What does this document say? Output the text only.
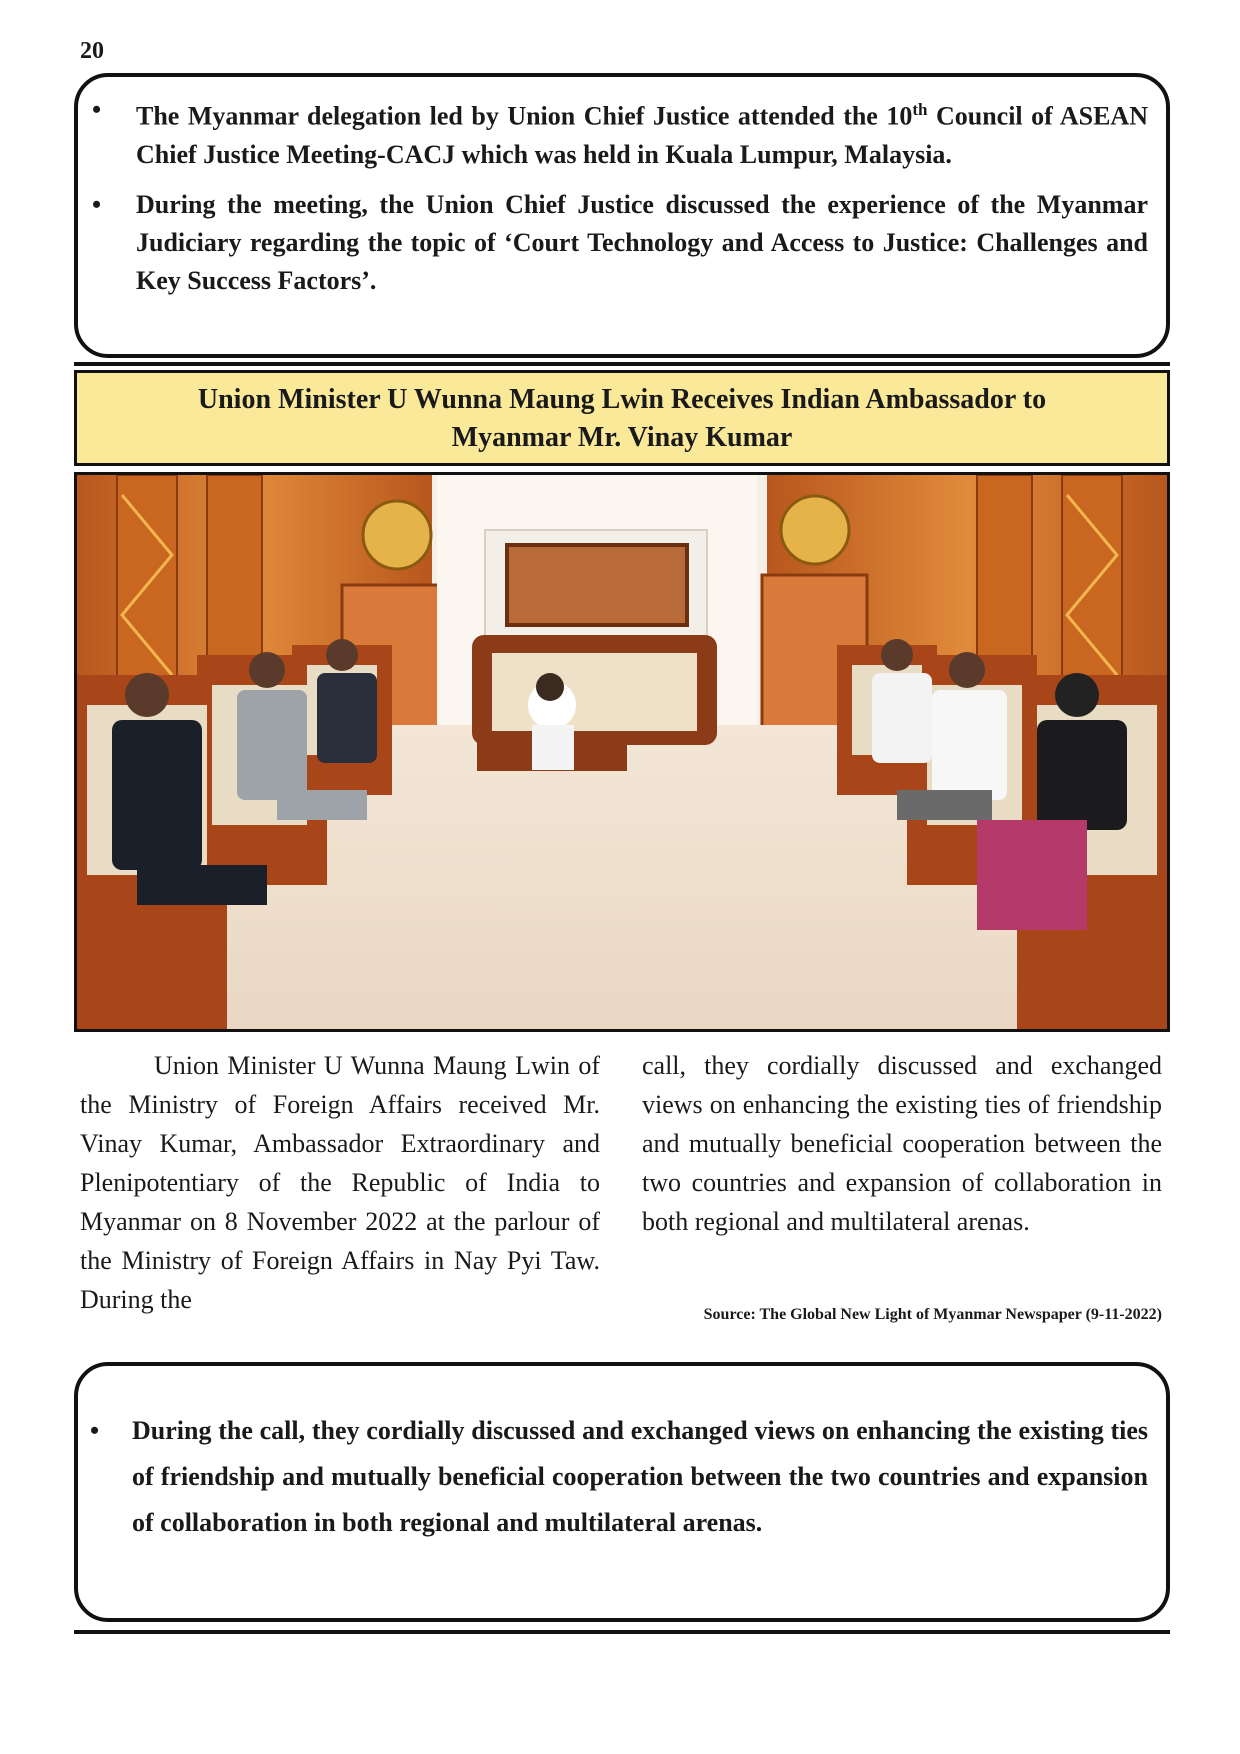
20
• The Myanmar delegation led by Union Chief Justice attended the 10th Council of ASEAN Chief Justice Meeting-CACJ which was held in Kuala Lumpur, Malaysia.
• During the meeting, the Union Chief Justice discussed the experience of the Myanmar Judiciary regarding the topic of ‘Court Technology and Access to Justice: Challenges and Key Success Factors’.
Union Minister U Wunna Maung Lwin Receives Indian Ambassador to
Myanmar Mr. Vinay Kumar
Union Minister U Wunna Maung Lwin of the Ministry of Foreign Affairs received Mr. Vinay Kumar, Ambassador Extraordinary and Plenipotentiary of the Republic of India to Myanmar on 8 November 2022 at the parlour of the Ministry of Foreign Affairs in Nay Pyi Taw. During the
call, they cordially discussed and exchanged views on enhancing the existing ties of friendship and mutually beneficial cooperation between the two countries and expansion of collaboration in both regional and multilateral arenas.
Source: The Global New Light of Myanmar Newspaper (9-11-2022)
• During the call, they cordially discussed and exchanged views on enhancing the existing ties of friendship and mutually beneficial cooperation between the two countries and expansion of collaboration in both regional and multilateral arenas.
